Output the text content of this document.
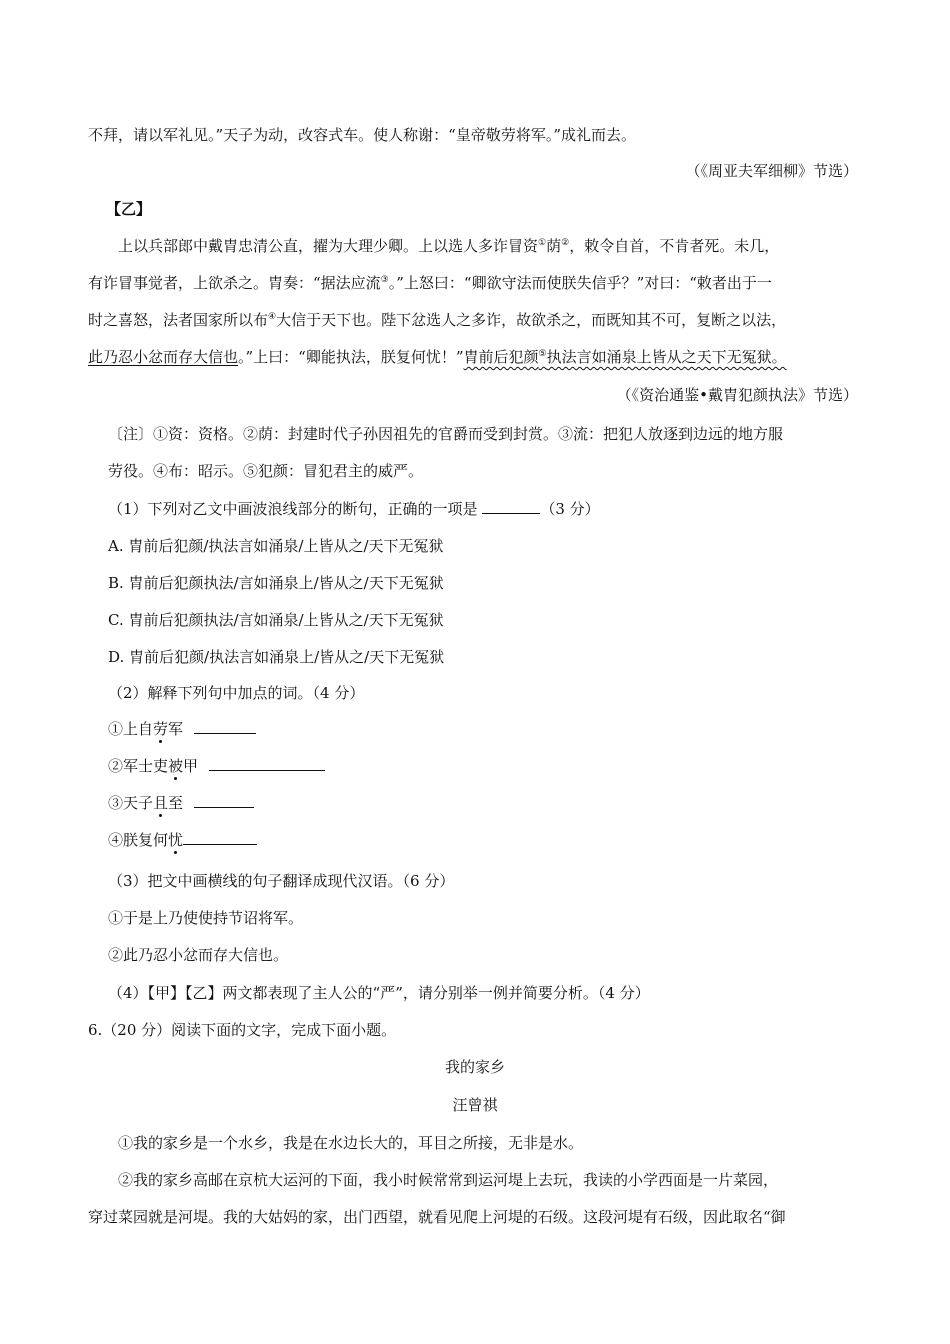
不拜，请以军礼见。”天子为动，改容式车。使人称谢：“皇帝敬劳将军。”成礼而去。
（《周亚夫军细柳》节选）
【乙】
上以兵部郎中戴胄忠清公直，擢为大理少卿。上以选人多诈冒资①荫②，敕令自首，不肯者死。未几，
有诈冒事觉者，上欲杀之。胄奏：“据法应流③。”上怒曰：“卿欲守法而使朕失信乎？”对曰：“敕者出于一
时之喜怒，法者国家所以布④大信于天下也。陛下忿选人之多诈，故欲杀之，而既知其不可，复断之以法，
此乃忍小忿而存大信也。”上曰：“卿能执法，朕复何忧！”胄前后犯颜⑤执法言如涌泉上皆从之天下无冤狱。
（《资治通鉴•戴胄犯颜执法》节选）
〔注〕①资：资格。②荫：封建时代子孙因祖先的官爵而受到封赏。③流：把犯人放逐到边远的地方服
劳役。④布：昭示。⑤犯颜：冒犯君主的威严。
（1）下列对乙文中画波浪线部分的断句，正确的一项是	（3 分）
A. 胄前后犯颜/执法言如涌泉/上皆从之/天下无冤狱
B. 胄前后犯颜执法/言如涌泉上/皆从之/天下无冤狱
C. 胄前后犯颜执法/言如涌泉/上皆从之/天下无冤狱
D. 胄前后犯颜/执法言如涌泉上/皆从之/天下无冤狱
（2）解释下列句中加点的词。（4 分）
①上自劳军
②军士吏被甲
③天子且至
④朕复何忧
（3）把文中画横线的句子翻译成现代汉语。（6 分）
①于是上乃使使持节诏将军。
②此乃忍小忿而存大信也。
（4）【甲】【乙】两文都表现了主人公的“严”，请分别举一例并简要分析。（4 分）
6.（20 分）阅读下面的文字，完成下面小题。
我的家乡
汪曾祺
①我的家乡是一个水乡，我是在水边长大的，耳目之所接，无非是水。
②我的家乡高邮在京杭大运河的下面，我小时候常常到运河堤上去玩，我读的小学西面是一片菜园，
穿过菜园就是河堤。我的大姑妈的家，出门西望，就看见爬上河堤的石级。这段河堤有石级，因此取名“御
